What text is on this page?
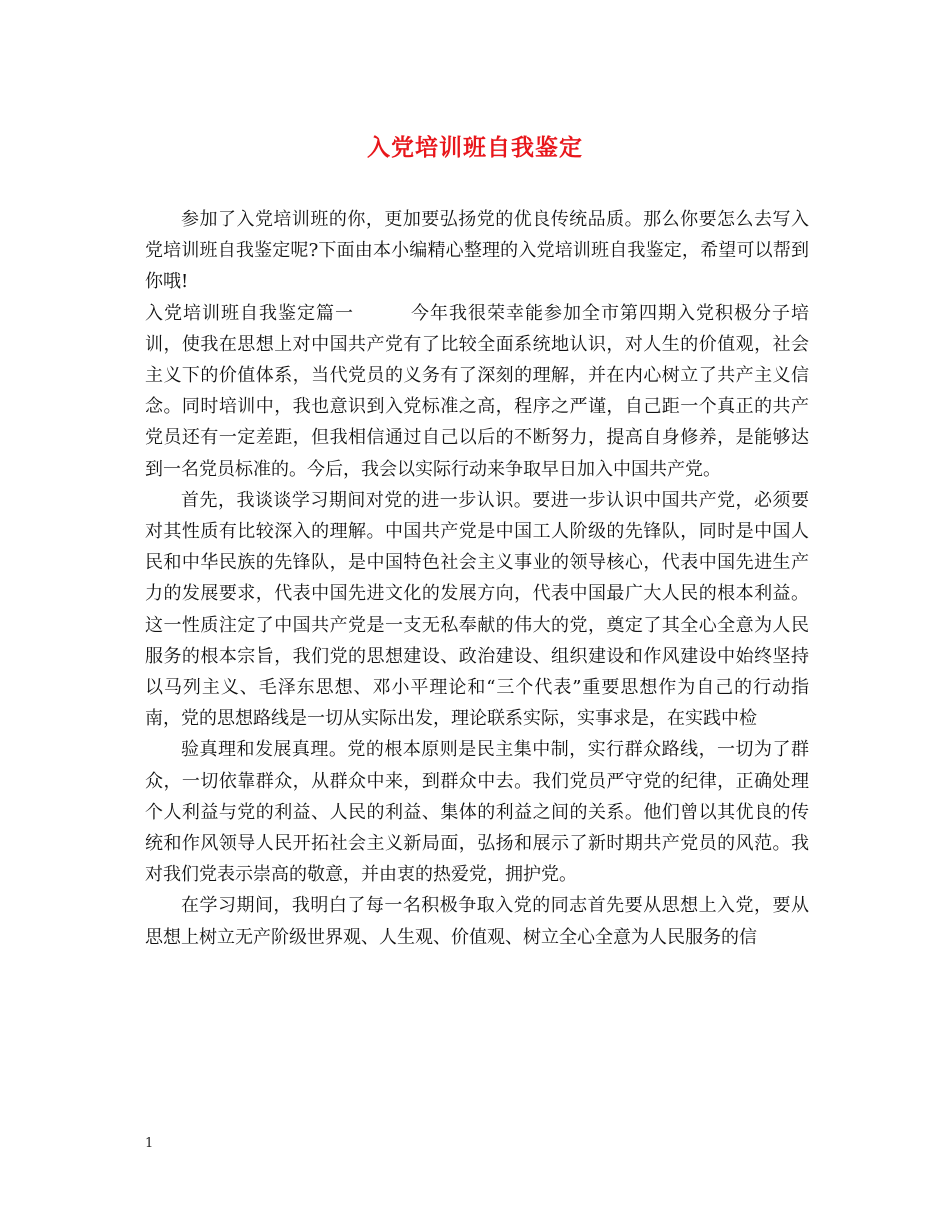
入党培训班自我鉴定

参加了入党培训班的你，更加要弘扬党的优良传统品质。那么你要怎么去写入党培训班自我鉴定呢?下面由本小编精心整理的入党培训班自我鉴定，希望可以帮到你哦!

入党培训班自我鉴定篇一　　　今年我很荣幸能参加全市第四期入党积极分子培训，使我在思想上对中国共产党有了比较全面系统地认识，对人生的价值观，社会主义下的价值体系，当代党员的义务有了深刻的理解，并在内心树立了共产主义信念。同时培训中，我也意识到入党标准之高，程序之严谨，自己距一个真正的共产党员还有一定差距，但我相信通过自己以后的不断努力，提高自身修养，是能够达到一名党员标准的。今后，我会以实际行动来争取早日加入中国共产党。

首先，我谈谈学习期间对党的进一步认识。要进一步认识中国共产党，必须要对其性质有比较深入的理解。中国共产党是中国工人阶级的先锋队，同时是中国人民和中华民族的先锋队，是中国特色社会主义事业的领导核心，代表中国先进生产力的发展要求，代表中国先进文化的发展方向，代表中国最广大人民的根本利益。这一性质注定了中国共产党是一支无私奉献的伟大的党，奠定了其全心全意为人民服务的根本宗旨，我们党的思想建设、政治建设、组织建设和作风建设中始终坚持以马列主义、毛泽东思想、邓小平理论和“三个代表”重要思想作为自己的行动指南，党的思想路线是一切从实际出发，理论联系实际，实事求是，在实践中检

验真理和发展真理。党的根本原则是民主集中制，实行群众路线，一切为了群众，一切依靠群众，从群众中来，到群众中去。我们党员严守党的纪律，正确处理个人利益与党的利益、人民的利益、集体的利益之间的关系。他们曾以其优良的传统和作风领导人民开拓社会主义新局面，弘扬和展示了新时期共产党员的风范。我对我们党表示崇高的敬意，并由衷的热爱党，拥护党。

在学习期间，我明白了每一名积极争取入党的同志首先要从思想上入党，要从思想上树立无产阶级世界观、人生观、价值观、树立全心全意为人民服务的信

1
